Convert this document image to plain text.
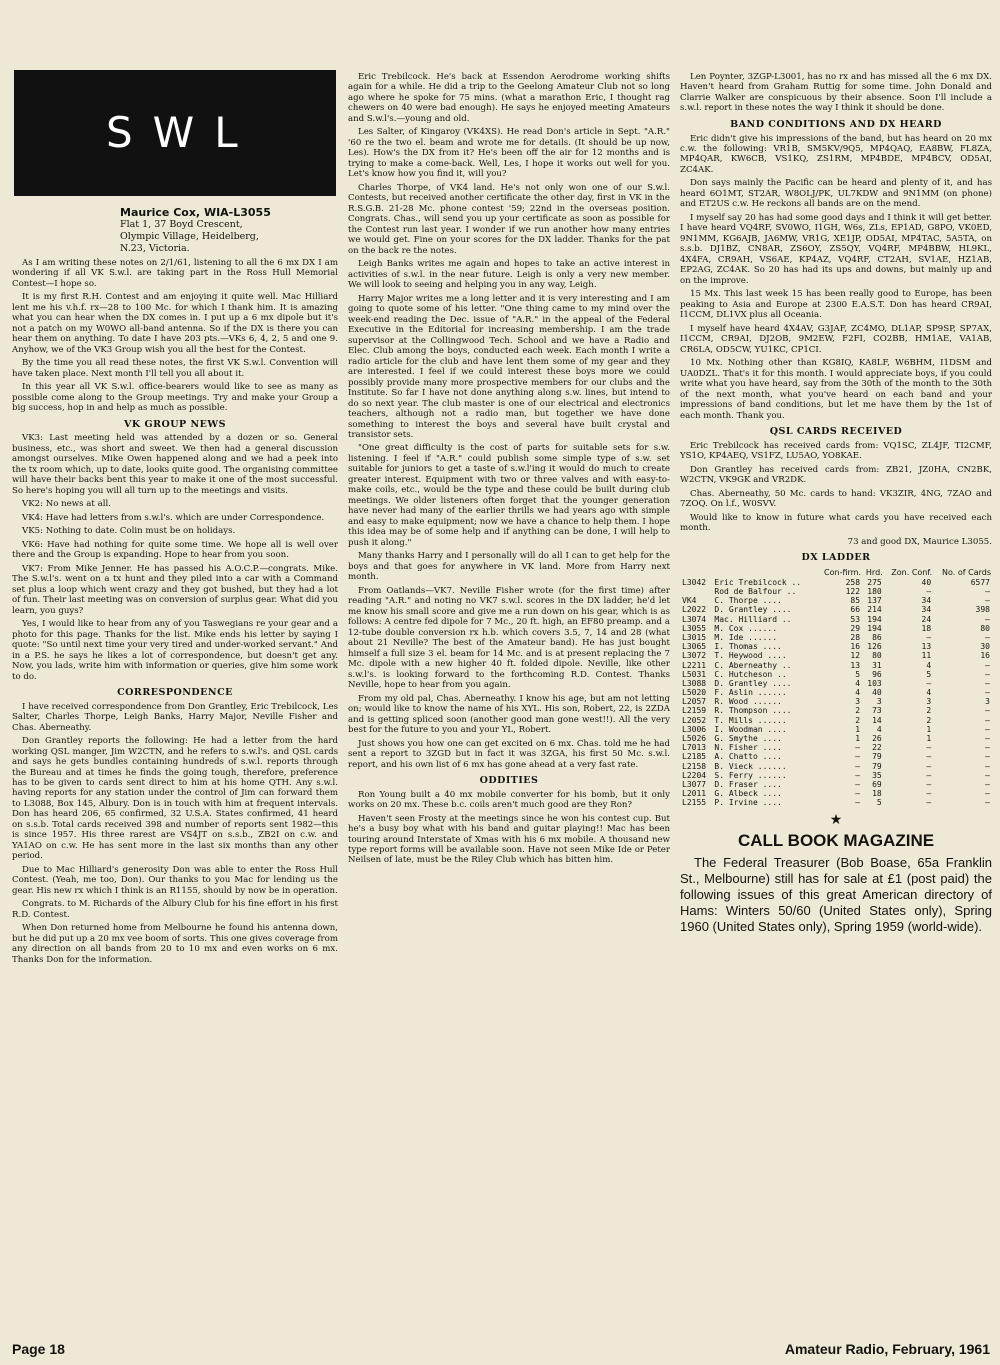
SWL
Maurice Cox, WIA-L3055
Flat 1, 37 Boyd Crescent,
Olympic Village, Heidelberg,
N.23, Victoria.

As I am writing these notes on 2/1/61, listening to all the 6 mx DX I am wondering if all VK S.w.l. are taking part in the Ross Hull Memorial Contest—I hope so.

It is my first R.H. Contest and am enjoying it quite well. Mac Hilliard lent me his v.h.f. rx—28 to 100 Mc. for which I thank him. It is amazing what you can hear when the DX comes in. I put up a 6 mx dipole but it's not a patch on my W0WO all-band antenna. So if the DX is there you can hear them on anything. To date I have 203 pts.—VKs 6, 4, 2, 5 and one 9. Anyhow, we of the VK3 Group wish you all the best for the Contest.

By the time you all read these notes, the first VK S.w.l. Convention will have taken place. Next month I'll tell you all about it.

In this year all VK S.w.l. office-bearers would like to see as many as possible come along to the Group meetings. Try and make your Group a big success, hop in and help as much as possible.

VK GROUP NEWS

VK3: Last meeting held was attended by a dozen or so. General business, etc., was short and sweet. We then had a general discussion amongst ourselves. Mike Owen happened along and we had a peek into the tx room which, up to date, looks quite good. The organising committee will have their backs bent this year to make it one of the most successful. So here's hoping you will all turn up to the meetings and visits.

VK2: No news at all.

VK4: Have had letters from s.w.l's. which are under Correspondence.

VK5: Nothing to date. Colin must be on holidays.

VK6: Have had nothing for quite some time. We hope all is well over there and the Group is expanding. Hope to hear from you soon.

VK7: From Mike Jenner. He has passed his A.O.C.P.—congrats. Mike. The S.w.l's. went on a tx hunt and they piled into a car with a Command set plus a loop which went crazy and they got bushed, but they had a lot of fun. Their last meeting was on conversion of surplus gear. What did you learn, you guys?

Yes, I would like to hear from any of you Taswegians re your gear and a photo for this page. Thanks for the list. Mike ends his letter by saying I quote: "So until next time your very tired and under-worked servant." And in a P.S. he says he likes a lot of correspondence, but doesn't get any. Now, you lads, write him with information or queries, give him some work to do.

CORRESPONDENCE

I have received correspondence from Don Grantley, Eric Trebilcock, Les Salter, Charles Thorpe, Leigh Banks, Harry Major, Neville Fisher and Chas. Aberneathy.

Don Grantley reports the following: He had a letter from the hard working QSL manger, Jim W2CTN, and he refers to s.w.l's. and QSL cards and says he gets bundles containing hundreds of s.w.l. reports through the Bureau and at times he finds the going tough, therefore, preference has to be given to cards sent direct to him at his home QTH. Any s.w.l. having reports for any station under the control of Jim can forward them to L3088, Box 145, Albury. Don is in touch with him at frequent intervals. Don has heard 206, 65 confirmed, 32 U.S.A. States confirmed, 41 heard on s.s.b. Total cards received 398 and number of reports sent 1982—this is since 1957. His three rarest are VS4JT on s.s.b., ZB2I on c.w. and YA1AO on c.w. He has sent more in the last six months than any other period.

Due to Mac Hilliard's generosity Don was able to enter the Ross Hull Contest. (Yeah, me too, Don). Our thanks to you Mac for lending us the gear. His new rx which I think is an R1155, should by now be in operation.

Congrats. to M. Richards of the Albury Club for his fine effort in his first R.D. Contest.

When Don returned home from Melbourne he found his antenna down, but he did put up a 20 mx vee boom of sorts. This one gives coverage from any direction on all bands from 20 to 10 mx and even works on 6 mx. Thanks Don for the information.

Eric Trebilcock. He's back at Essendon Aerodrome working shifts again for a while. He did a trip to the Geelong Amateur Club not so long ago where he spoke for 75 mins. (what a marathon Eric, I thought rag chewers on 40 were bad enough). He says he enjoyed meeting Amateurs and S.w.l's.—young and old.

Les Salter, of Kingaroy (VK4XS). He read Don's article in Sept. "A.R." '60 re the two el. beam and wrote me for details. (It should be up now, Les). How's the DX from it? He's been off the air for 12 months and is trying to make a come-back. Well, Les, I hope it works out well for you. Let's know how you find it, will you?

Charles Thorpe, of VK4 land. He's not only won one of our S.w.l. Contests, but received another certificate the other day, first in VK in the R.S.G.B. 21-28 Mc. phone contest '59; 22nd in the overseas position. Congrats. Chas., will send you up your certificate as soon as possible for the Contest run last year. I wonder if we run another how many entries we would get. Fine on your scores for the DX ladder. Thanks for the pat on the back re the notes.

Leigh Banks writes me again and hopes to take an active interest in activities of s.w.l. in the near future. Leigh is only a very new member. We will look to seeing and helping you in any way, Leigh.

Harry Major writes me a long letter and it is very interesting and I am going to quote some of his letter. "One thing came to my mind over the week-end reading the Dec. issue of "A.R." in the appeal of the Federal Executive in the Editorial for increasing membership. I am the trade supervisor at the Collingwood Tech. School and we have a Radio and Elec. Club among the boys, conducted each week. Each month I write a radio article for the club and have lent them some of my gear and they are interested. I feel if we could interest these boys more we could possibly provide many more prospective members for our clubs and the Institute. So far I have not done anything along s.w. lines, but intend to do so next year. The club master is one of our electrical and electronics teachers, although not a radio man, but together we have done something to interest the boys and several have built crystal and transistor sets.

"One great difficulty is the cost of parts for suitable sets for s.w. listening. I feel if "A.R." could publish some simple type of s.w. set suitable for juniors to get a taste of s.w.l'ing it would do much to create greater interest. Equipment with two or three valves and with easy-to-make coils, etc., would be the type and these could be built during club meetings. We older listeners often forget that the younger generation have never had many of the earlier thrills we had years ago with simple and easy to make equipment; now we have a chance to help them. I hope this idea may be of some help and if anything can be done, I will help to push it along."

Many thanks Harry and I personally will do all I can to get help for the boys and that goes for anywhere in VK land. More from Harry next month.

From Oatlands—VK7. Neville Fisher wrote (for the first time) after reading "A.R." and noting no VK7 s.w.l. scores in the DX ladder, he'd let me know his small score and give me a run down on his gear, which is as follows: A centre fed dipole for 7 Mc., 20 ft. high, an EF80 preamp. and a 12-tube double conversion rx h.b. which covers 3.5, 7, 14 and 28 (what about 21 Neville? The best of the Amateur band). He has just bought himself a full size 3 el. beam for 14 Mc. and is at present replacing the 7 Mc. dipole with a new higher 40 ft. folded dipole. Neville, like other s.w.l's. is looking forward to the forthcoming R.D. Contest. Thanks Neville, hope to hear from you again.

From my old pal, Chas. Aberneathy. I know his age, but am not letting on; would like to know the name of his XYL. His son, Robert, 22, is 2ZDA and is getting spliced soon (another good man gone west!!). All the very best for the future to you and your YL, Robert.

Just shows you how one can get excited on 6 mx. Chas. told me he had sent a report to 3ZGD but in fact it was 3ZGA, his first 50 Mc. s.w.l. report, and his own list of 6 mx has gone ahead at a very fast rate.

ODDITIES

Ron Young built a 40 mx mobile converter for his bomb, but it only works on 20 mx. These b.c. coils aren't much good are they Ron?

Haven't seen Frosty at the meetings since he won his contest cup. But he's a busy boy what with his band and guitar playing!! Mac has been touring around Interstate of Xmas with his 6 mx mobile. A thousand new type report forms will be available soon. Have not seen Mike Ide or Peter Neilsen of late, must be the Riley Club which has bitten him.

Len Poynter, 3ZGP-L3001, has no rx and has missed all the 6 mx DX. Haven't heard from Graham Ruttig for some time. John Donald and Clarrie Walker are conspicuous by their absence. Soon I'll include a s.w.l. report in these notes the way I think it should be done.

BAND CONDITIONS AND DX HEARD

Eric didn't give his impressions of the band, but has heard on 20 mx c.w. the following: VR1B, SM5KV/9Q5, MP4QAQ, EA8BW, FL8ZA, MP4QAR, KW6CB, VS1KQ, ZS1RM, MP4BDE, MP4BCV, OD5AI, ZC4AK.

Don says mainly the Pacific can be heard and plenty of it, and has heard 6O1MT, ST2AR, W8OLJ/PK, UL7KDW and 9N1MM (on phone) and ET2US c.w. He reckons all bands are on the mend.

I myself say 20 has had some good days and I think it will get better. I have heard VQ4RF, SV0WO, I1GH, W6s, ZLs, EP1AD, G8PO, VK0ED, 9N1MM, KG6AJB, JA6MW, VR1G, XE1JP, OD5AI, MP4TAC, 5A5TA, on s.s.b. DJ1BZ, CN8AR, ZS6OY, ZS5QY, VQ4RF, MP4BBW, HL9KL, 4X4FA, CR9AH, VS6AE, KP4AZ, VQ4RF, CT2AH, SV1AE, HZ1AB, EP2AG, ZC4AK. So 20 has had its ups and downs, but mainly up and on the improve.

15 Mx. This last week 15 has been really good to Europe, has been peaking to Asia and Europe at 2300 E.A.S.T. Don has heard CR9AI, I1CCM, DL1VX plus all Oceania.

I myself have heard 4X4AV, G3JAF, ZC4MO, DL1AP, SP9SP, SP7AX, I1CCM, CR9AI, DJ2OB, 9M2EW, F2FI, CO2BB, HM1AE, VA1AB, CR6LA, OD5CW, YU1KC, CP1CI.

10 Mx. Nothing other than KG8IQ, KA8LF, W6BHM, I1DSM and UA0DZL. That's it for this month. I would appreciate boys, if you could write what you have heard, say from the 30th of the month to the 30th of the next month, what you've heard on each band and your impressions of band conditions, but let me have them by the 1st of each month. Thank you.

QSL CARDS RECEIVED

Eric Trebilcock has received cards from: VQ1SC, ZL4JF, TI2CMF, YS1O, KP4AEQ, VS1FZ, LU5AO, YO8KAE.

Don Grantley has received cards from: ZB21, JZ0HA, CN2BK, W2CTN, VK9GK and VR2DK.

Chas. Aberneathy, 50 Mc. cards to hand: VK3ZIR, 4NG, 7ZAO and 7ZOQ. On l.f., W0SVV.

Would like to know in future what cards you have received each month.

73 and good DX, Maurice L3055.

DX LADDER
		Con-firm.	Hrd.	Zon. Conf.	No. of Cards
L3042	Eric Trebilcock ..	258	275	40	6577
	Rod de Balfour ..	122	180	—	—
VK4	C. Thorpe ....	85	137	34	—
L2022	D. Grantley ....	66	214	34	398
L3074	Mac. Hilliard ..	53	194	24	—
L3055	M. Cox ......	29	194	18	80
L3015	M. Ide ......	28	86	—	—
L3065	I. Thomas ....	16	126	13	30
L3072	T. Heywood ....	12	80	11	16
L2211	C. Aberneathy ..	13	31	4	—
L5031	C. Hutcheson ..	5	96	5	—
L3088	D. Grantley ....	4	103	—	—
L5020	F. Aslin ......	4	40	4	—
L2057	R. Wood ......	3	3	3	3
L2159	R. Thompson ....	2	73	2	—
L2052	T. Mills ......	2	14	2	—
L3006	I. Woodman ....	1	4	1	—
L5026	G. Smythe ....	1	26	1	—
L7013	N. Fisher ....	—	22	—	—
L2185	A. Chatto ....	—	79	—	—
L2158	B. Vieck ......	—	79	—	—
L2204	S. Ferry ......	—	35	—	—
L3077	D. Fraser ....	—	69	—	—
L2011	G. Albeck ....	—	18	—	—
L2155	P. Irvine ....	—	5	—	—
★
CALL BOOK MAGAZINE
The Federal Treasurer (Bob Boase, 65a Franklin St., Melbourne) still has for sale at £1 (post paid) the following issues of this great American directory of Hams: Winters 50/60 (United States only), Spring 1960 (United States only), Spring 1959 (world-wide).
Page 18	Amateur Radio, February, 1961
